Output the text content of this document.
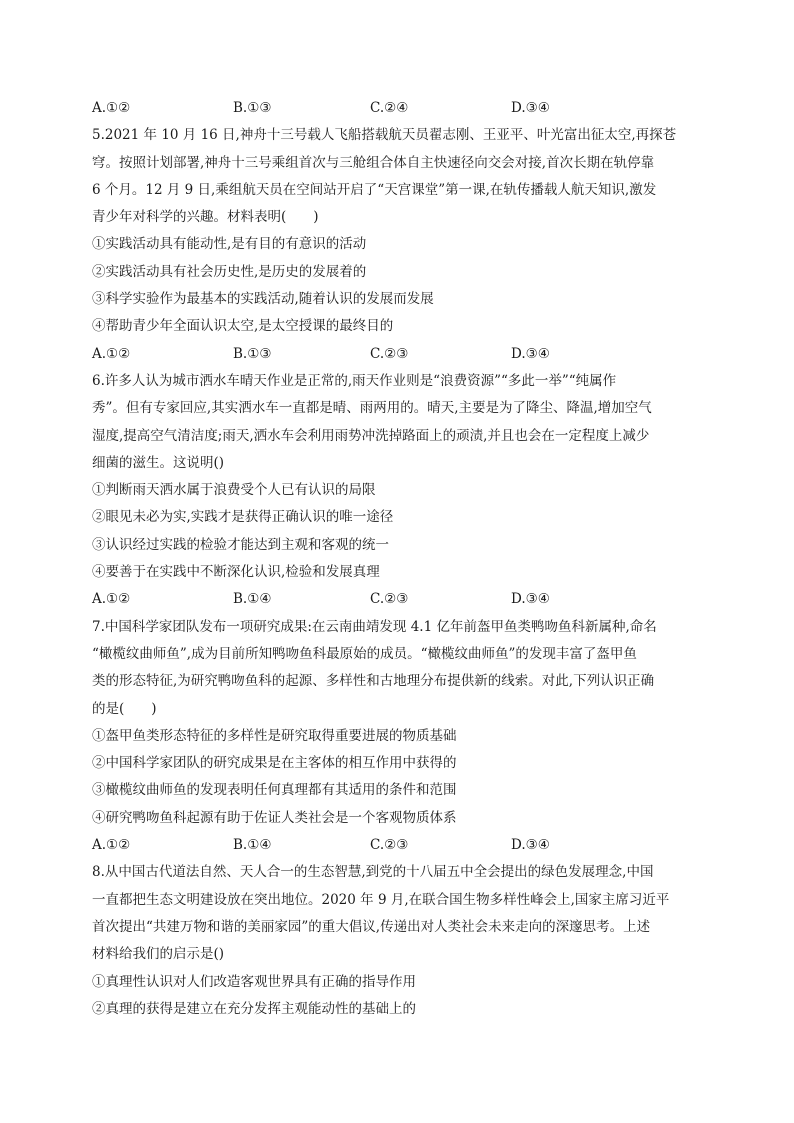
A.①②	B.①③	C.②④	D.③④
5.2021 年 10 月 16 日,神舟十三号载人飞船搭载航天员翟志刚、王亚平、叶光富出征太空,再探苍
穹。按照计划部署,神舟十三号乘组首次与三舱组合体自主快速径向交会对接,首次长期在轨停靠
6 个月。12 月 9 日,乘组航天员在空间站开启了“天宫课堂”第一课,在轨传播载人航天知识,激发
青少年对科学的兴趣。材料表明(　　)
①实践活动具有能动性,是有目的有意识的活动
②实践活动具有社会历史性,是历史的发展着的
③科学实验作为最基本的实践活动,随着认识的发展而发展
④帮助青少年全面认识太空,是太空授课的最终目的
A.①②	B.①③	C.②③	D.③④
6.许多人认为城市洒水车晴天作业是正常的,雨天作业则是“浪费资源”“多此一举”“纯属作
秀”。但有专家回应,其实洒水车一直都是晴、雨两用的。晴天,主要是为了降尘、降温,增加空气
湿度,提高空气清洁度;雨天,洒水车会利用雨势冲洗掉路面上的顽渍,并且也会在一定程度上减少
细菌的滋生。这说明()
①判断雨天洒水属于浪费受个人已有认识的局限
②眼见未必为实,实践才是获得正确认识的唯一途径
③认识经过实践的检验才能达到主观和客观的统一
④要善于在实践中不断深化认识,检验和发展真理
A.①②	B.①④	C.②③	D.③④
7.中国科学家团队发布一项研究成果:在云南曲靖发现 4.1 亿年前盔甲鱼类鸭吻鱼科新属种,命名
“橄榄纹曲师鱼”,成为目前所知鸭吻鱼科最原始的成员。“橄榄纹曲师鱼”的发现丰富了盔甲鱼
类的形态特征,为研究鸭吻鱼科的起源、多样性和古地理分布提供新的线索。对此,下列认识正确
的是(　　)
①盔甲鱼类形态特征的多样性是研究取得重要进展的物质基础
②中国科学家团队的研究成果是在主客体的相互作用中获得的
③橄榄纹曲师鱼的发现表明任何真理都有其适用的条件和范围
④研究鸭吻鱼科起源有助于佐证人类社会是一个客观物质体系
A.①②	B.①④	C.②③	D.③④
8.从中国古代道法自然、天人合一的生态智慧,到党的十八届五中全会提出的绿色发展理念,中国
一直都把生态文明建设放在突出地位。2020 年 9 月,在联合国生物多样性峰会上,国家主席习近平
首次提出“共建万物和谐的美丽家园”的重大倡议,传递出对人类社会未来走向的深邃思考。上述
材料给我们的启示是()
①真理性认识对人们改造客观世界具有正确的指导作用
②真理的获得是建立在充分发挥主观能动性的基础上的
